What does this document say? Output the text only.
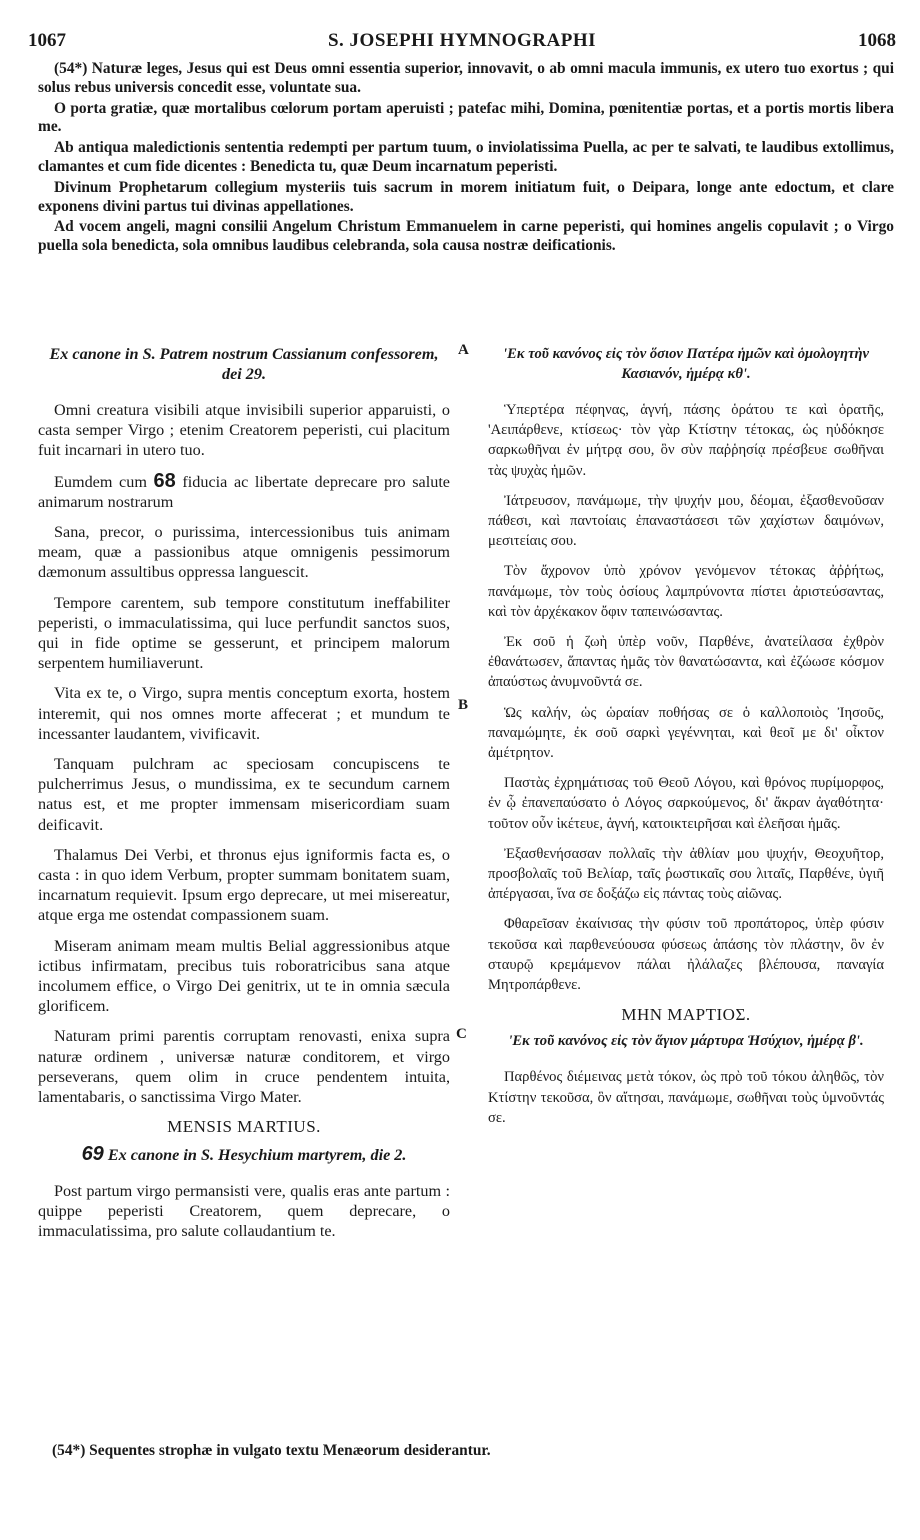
1067	S. JOSEPHI HYMNOGRAPHI	1068

(54*) Naturæ leges, Jesus qui est Deus omni essentia superior, innovavit, o ab omni macula immunis, ex utero tuo exortus ; qui solus rebus universis concedit esse, voluntate sua.

O porta gratiæ, quæ mortalibus cœlorum portam aperuisti ; patefac mihi, Domina, pœnitentiæ portas, et a portis mortis libera me.

Ab antiqua maledictionis sententia redempti per partum tuum, o inviolatissima Puella, ac per te salvati, te laudibus extollimus, clamantes et cum fide dicentes : Benedicta tu, quæ Deum incarnatum peperisti.

Divinum Prophetarum collegium mysteriis tuis sacrum in morem initiatum fuit, o Deipara, longe ante edoctum, et clare exponens divini partus tui divinas appellationes.

Ad vocem angeli, magni consilii Angelum Christum Emmanuelem in carne peperisti, qui homines angelis copulavit ; o Virgo puella sola benedicta, sola omnibus laudibus celebranda, sola causa nostræ deificationis.

Ex canone in S. Patrem nostrum Cassianum confessorem, dei 29.

Omni creatura visibili atque invisibili superior apparuisti, o casta semper Virgo ; etenim Creatorem peperisti, cui placitum fuit incarnari in utero tuo.

Eumdem cum 68 fiducia ac libertate deprecare pro salute animarum nostrarum

Sana, precor, o purissima, intercessionibus tuis animam meam, quæ a passionibus atque omnigenis pessimorum dæmonum assultibus oppressa languescit.

Tempore carentem, sub tempore constitutum ineffabiliter peperisti, o immaculatissima, qui luce perfundit sanctos suos, qui in fide optime se gesserunt, et principem malorum serpentem humiliaverunt.

Vita ex te, o Virgo, supra mentis conceptum exorta, hostem interemit, qui nos omnes morte affecerat ; et mundum te incessanter laudantem, vivificavit.

Tanquam pulchram ac speciosam concupiscens te pulcherrimus Jesus, o mundissima, ex te secundum carnem natus est, et me propter immensam misericordiam suam deificavit.

Thalamus Dei Verbi, et thronus ejus igniformis facta es, o casta : in quo idem Verbum, propter summam bonitatem suam, incarnatum requievit. Ipsum ergo deprecare, ut mei misereatur, atque erga me ostendat compassionem suam.

Miseram animam meam multis Belial aggressionibus atque ictibus infirmatam, precibus tuis roboratricibus sana atque incolumem effice, o Virgo Dei genitrix, ut te in omnia sæcula glorificem.

Naturam primi parentis corruptam renovasti, enixa supra naturæ ordinem , universæ naturæ conditorem, et virgo perseverans, quem olim in cruce pendentem intuita, lamentabaris, o sanctissima Virgo Mater.

MENSIS MARTIUS.
69 Ex canone in S. Hesychium martyrem, die 2.

Post partum virgo permansisti vere, qualis eras ante partum : quippe peperisti Creatorem, quem deprecare, o immaculatissima, pro salute collaudantium te.

'Εκ τοῦ κανόνος εἰς τὸν ὅσιον Πατέρα ἡμῶν καὶ ὁμολογητὴν Κασιανόν, ἡμέρᾳ κθ'.

Ὑπερτέρα πέφηνας, ἁγνή, πάσης ὁράτου τε καὶ ὁρατῆς, 'Αειπάρθενε, κτίσεως· τὸν γὰρ Κτίστην τέτοκας, ὡς ηὐδόκησε σαρκωθῆναι ἐν μήτρᾳ σου, ὃν σὺν παῤῥησίᾳ πρέσβευε σωθῆναι τὰς ψυχὰς ἡμῶν.

Ἰάτρευσον, πανάμωμε, τὴν ψυχήν μου, δέομαι, ἐξασθενοῦσαν πάθεσι, καὶ παντοίαις ἐπαναστάσεσι τῶν χαχίστων δαιμόνων, μεσιτείαις σου.

Τὸν ἄχρονον ὑπὸ χρόνον γενόμενον τέτοκας ἀῤῥήτως, πανάμωμε, τὸν τοὺς ὁσίους λαμπρύνοντα πίστει ἀριστεύσαντας, καὶ τὸν ἀρχέκακον ὄφιν ταπεινώσαντας.

Ἐκ σοῦ ἡ ζωὴ ὑπὲρ νοῦν, Παρθένε, ἀνατείλασα ἐχθρὸν ἐθανάτωσεν, ἅπαντας ἡμᾶς τὸν θανατώσαντα, καὶ ἐζώωσε κόσμον ἀπαύστως ἀνυμνοῦντά σε.

Ὡς καλήν, ὡς ὡραίαν ποθήσας σε ὁ καλλοποιὸς Ἰησοῦς, παναμώμητε, ἐκ σοῦ σαρκὶ γεγέννηται, καὶ θεοῖ με δι' οἶκτον ἀμέτρητον.

Παστὰς ἐχρημάτισας τοῦ Θεοῦ Λόγου, καὶ θρόνος πυρίμορφος, ἐν ᾧ ἐπανεπαύσατο ὁ Λόγος σαρκούμενος, δι' ἄκραν ἀγαθότητα· τοῦτον οὖν ἱκέτευε, ἁγνή, κατοικτειρῆσαι καὶ ἐλεῆσαι ἡμᾶς.

Ἐξασθενήσασαν πολλαῖς τὴν ἀθλίαν μου ψυχήν, Θεοχυῆτορ, προσβολαῖς τοῦ Βελίαρ, ταῖς ῥωστικαῖς σου λιταῖς, Παρθένε, ὑγιῆ ἀπέργασαι, ἵνα σε δοξάζω εἰς πάντας τοὺς αἰῶνας.

Φθαρεῖσαν ἐκαίνισας τὴν φύσιν τοῦ προπάτορος, ὑπὲρ φύσιν τεκοῦσα καὶ παρθενεύουσα φύσεως ἁπάσης τὸν πλάστην, ὃν ἐν σταυρῷ κρεμάμενον πάλαι ἠλάλαζες βλέπουσα, παναγία Μητροπάρθενε.

ΜΗΝ ΜΑΡΤΙΟΣ.
'Εκ τοῦ κανόνος εἰς τὸν ἅγιον μάρτυρα Ἡσύχιον, ἡμέρᾳ β'.

Παρθένος διέμεινας μετὰ τόκον, ὡς πρὸ τοῦ τόκου ἀληθῶς, τὸν Κτίστην τεκοῦσα, ὃν αἴτησαι, πανάμωμε, σωθῆναι τοὺς ὑμνοῦντάς σε.

A
B
C
(54*) Sequentes strophæ in vulgato textu Menæorum desiderantur.
